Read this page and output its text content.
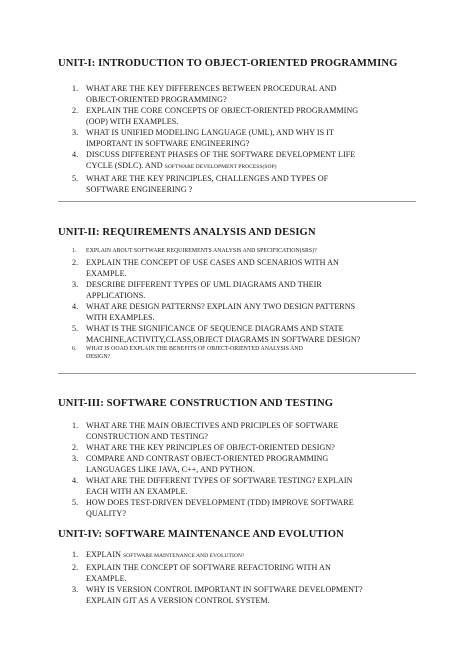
UNIT-I: INTRODUCTION TO OBJECT-ORIENTED PROGRAMMING
1. WHAT ARE THE KEY DIFFERENCES BETWEEN PROCEDURAL AND
OBJECT-ORIENTED PROGRAMMING?
2. EXPLAIN THE CORE CONCEPTS OF OBJECT-ORIENTED PROGRAMMING
(OOP) WITH EXAMPLES.
3. WHAT IS UNIFIED MODELING LANGUAGE (UML), AND WHY IS IT
IMPORTANT IN SOFTWARE ENGINEERING?
4. DISCUSS DIFFERENT PHASES OF THE SOFTWARE DEVELOPMENT LIFE
CYCLE (SDLC). AND SOFTWARE DEVELOPMENT PROCESS(SOP)
5. WHAT ARE THE KEY PRINCIPLES, CHALLENGES AND TYPES OF
SOFTWARE ENGINEERING ?
UNIT-II: REQUIREMENTS ANALYSIS AND DESIGN
1. EXPLAIN ABOUT SOFTWARE REQUIREMENTS ANALYSIS AND SPECIFICATION(SRS)?
2. EXPLAIN THE CONCEPT OF USE CASES AND SCENARIOS WITH AN
EXAMPLE.
3. DESCRIBE DIFFERENT TYPES OF UML DIAGRAMS AND THEIR
APPLICATIONS.
4. WHAT ARE DESIGN PATTERNS? EXPLAIN ANY TWO DESIGN PATTERNS
WITH EXAMPLES.
5. WHAT IS THE SIGNIFICANCE OF SEQUENCE DIAGRAMS AND STATE
MACHINE,ACTIVITY,CLASS,OBJECT DIAGRAMS IN SOFTWARE DESIGN?
6. WHAT IS OOAD EXPLAIN THE BENEFITS OF OBJECT-ORIENTED ANALYSIS AND
DESIGN?
UNIT-III: SOFTWARE CONSTRUCTION AND TESTING
1. WHAT ARE THE MAIN OBJECTIVES AND PRICIPLES OF SOFTWARE
CONSTRUCTION AND TESTING?
2. WHAT ARE THE KEY PRINCIPLES OF OBJECT-ORIENTED DESIGN?
3. COMPARE AND CONTRAST OBJECT-ORIENTED PROGRAMMING
LANGUAGES LIKE JAVA, C++, AND PYTHON.
4. WHAT ARE THE DIFFERENT TYPES OF SOFTWARE TESTING? EXPLAIN
EACH WITH AN EXAMPLE.
5. HOW DOES TEST-DRIVEN DEVELOPMENT (TDD) IMPROVE SOFTWARE
QUALITY?
UNIT-IV: SOFTWARE MAINTENANCE AND EVOLUTION
1. EXPLAIN SOFTWARE MAINTENANCE AND EVOLUTION?
2. EXPLAIN THE CONCEPT OF SOFTWARE REFACTORING WITH AN
EXAMPLE.
3. WHY IS VERSION CONTROL IMPORTANT IN SOFTWARE DEVELOPMENT?
EXPLAIN GIT AS A VERSION CONTROL SYSTEM.
